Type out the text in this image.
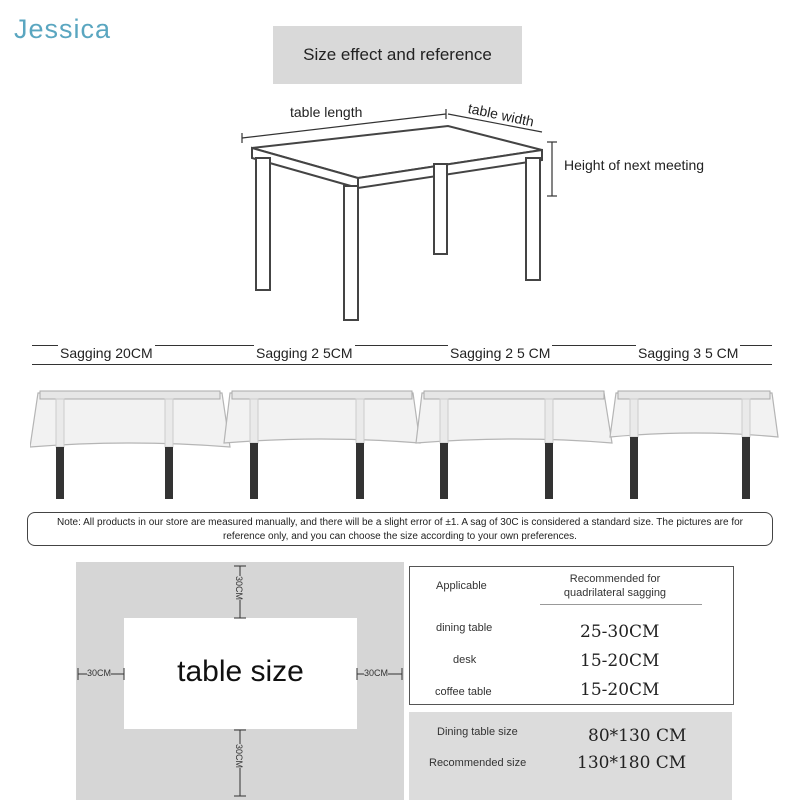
Jessica
Size effect and reference
table length	table width
Height of next meeting
Sagging 20CM	Sagging 2 5CM	Sagging 2 5 CM	Sagging 3 5 CM
Note: All products in our store are measured manually, and there will be a slight error of ±1. A sag of 30C is considered a standard size. The pictures are for reference only, and you can choose the size according to your own preferences.
table size
30CM
30CM
30CM	30CM
Applicable
Recommended for quadrilateral sagging
dining table	25-30CM
desk	15-20CM
coffee table	15-20CM
Dining table size	80*130 CM
Recommended size	130*180 CM
